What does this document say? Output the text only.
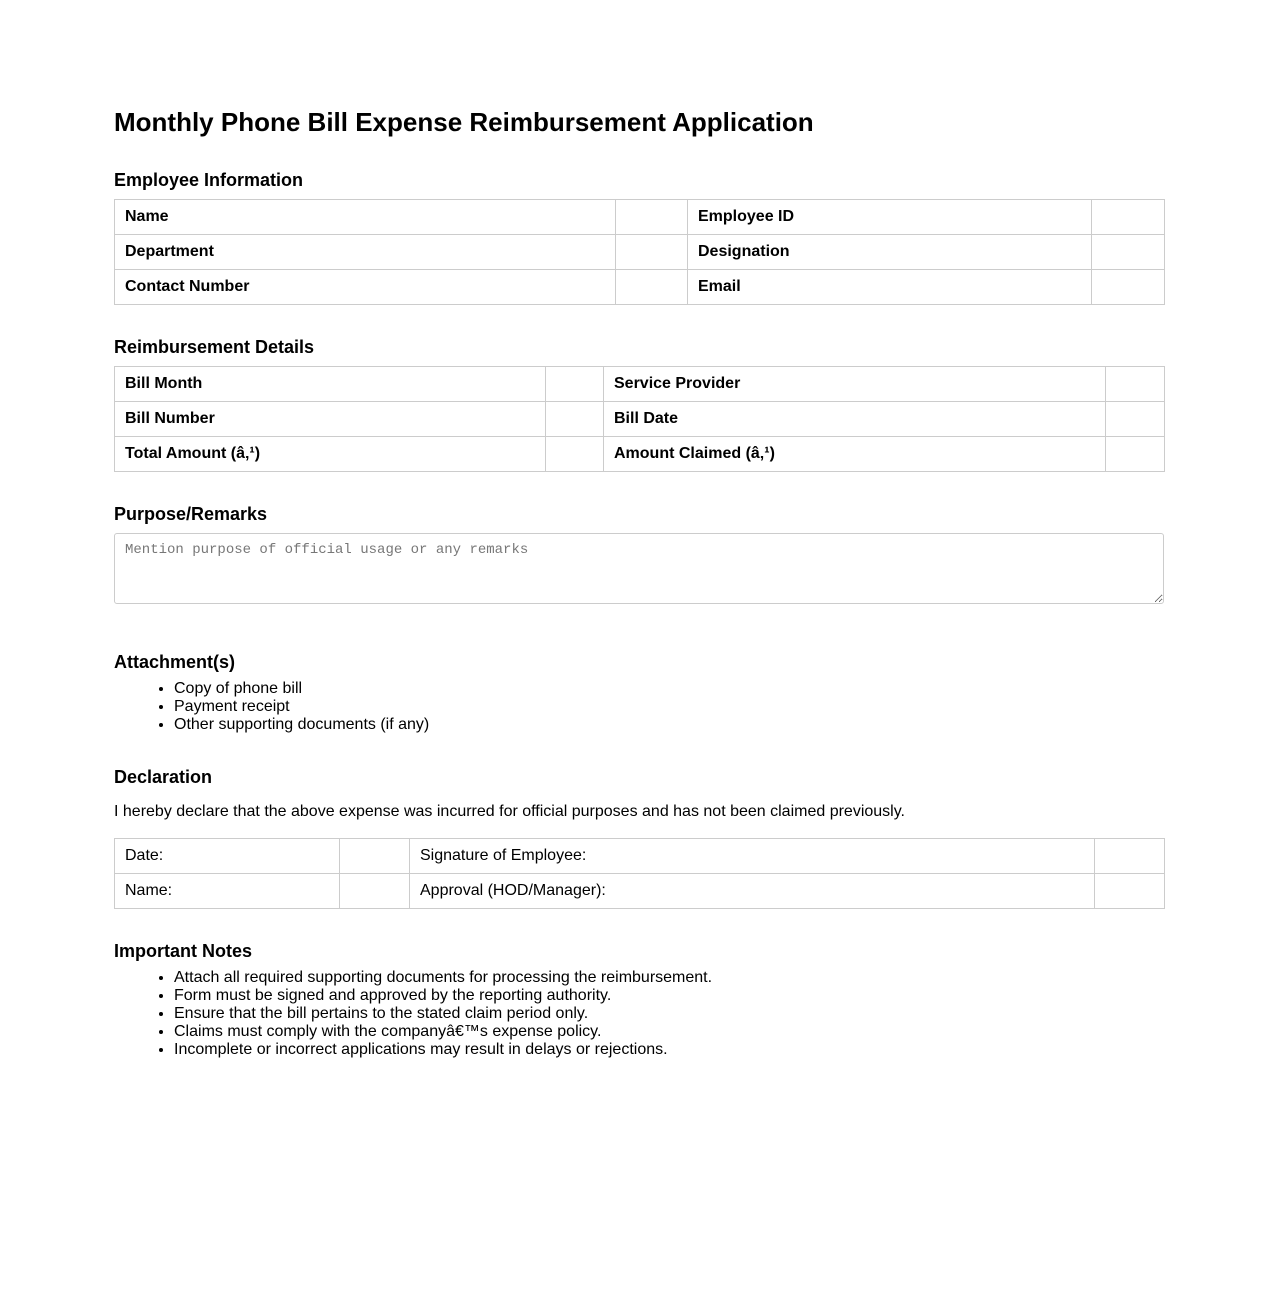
Monthly Phone Bill Expense Reimbursement Application
Employee Information
Name		Employee ID	
Department		Designation	
Contact Number		Email	
Reimbursement Details
Bill Month		Service Provider	
Bill Number		Bill Date	
Total Amount (â‚¹)		Amount Claimed (â‚¹)	
Purpose/Remarks
Mention purpose of official usage or any remarks
Attachment(s)
• Copy of phone bill
• Payment receipt
• Other supporting documents (if any)
Declaration

I hereby declare that the above expense was incurred for official purposes and has not been claimed previously.

Date:		Signature of Employee:	
Name:		Approval (HOD/Manager):	
Important Notes
• Attach all required supporting documents for processing the reimbursement.
• Form must be signed and approved by the reporting authority.
• Ensure that the bill pertains to the stated claim period only.
• Claims must comply with the companyâ€™s expense policy.
• Incomplete or incorrect applications may result in delays or rejections.
